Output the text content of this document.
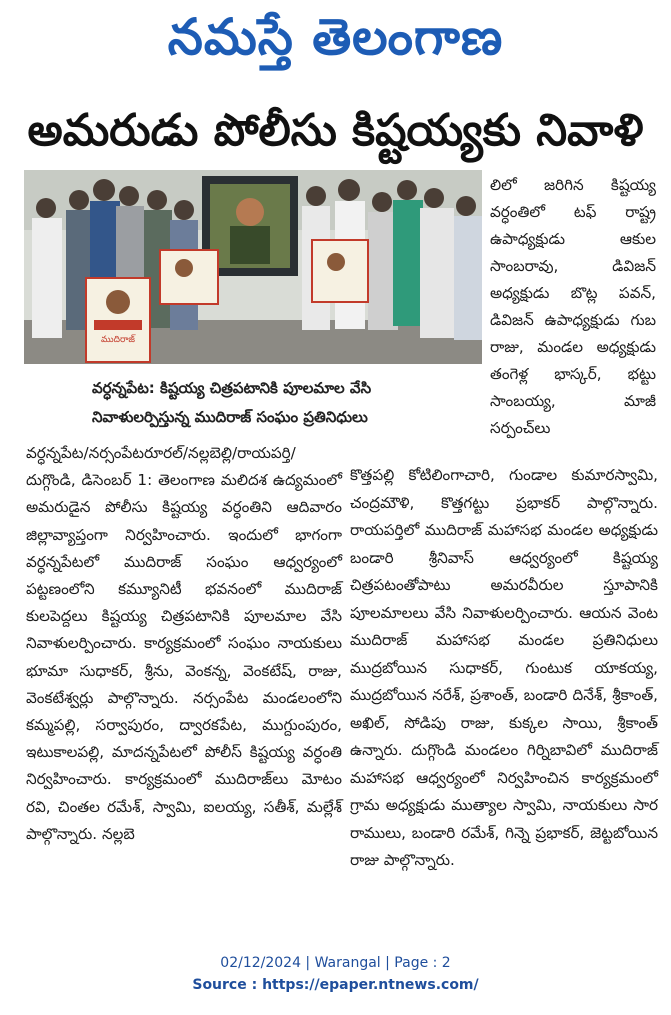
నమస్తే తెలంగాణ
అమరుడు పోలీసు కిష్టయ్యకు నివాళి
ముదిరాజ్

వర్ధన్నపేట: కిష్టయ్య చిత్రపటానికి పూలమాల వేసి

నివాళులర్పిస్తున్న ముదిరాజ్ సంఘం ప్రతినిధులు

లిలో జరిగిన కిష్టయ్య వర్ధంతిలో టఫ్ రాష్ట్ర ఉపాధ్యక్షుడు ఆకుల సాంబరావు, డివిజన్ అధ్యక్షుడు బొట్ల పవన్, డివిజన్ ఉపాధ్యక్షుడు గుబ రాజు, మండల అధ్యక్షుడు తంగెళ్ల భాస్కర్, భట్టు సాంబయ్య, మాజీ సర్పంచ్‌లు
వర్ధన్నపేట/నర్సంపేటరూరల్/నల్లబెల్లి/రాయపర్తి/దుగ్గొండి, డిసెంబర్ 1: తెలంగాణ మలిదశ ఉద్యమంలో అమరుడైన పోలీసు కిష్టయ్య వర్ధంతిని ఆదివారం జిల్లావ్యాప్తంగా నిర్వహించారు. ఇందులో భాగంగా వర్ధన్నపేటలో ముదిరాజ్ సంఘం ఆధ్వర్యంలో పట్టణంలోని కమ్యూనిటీ భవనంలో ముదిరాజ్ కులపెద్దలు కిష్టయ్య చిత్రపటానికి పూలమాల వేసి నివాళులర్పించారు. కార్యక్రమంలో సంఘం నాయకులు భూమా సుధాకర్, శ్రీను, వెంకన్న, వెంకటేష్, రాజు, వెంకటేశ్వర్లు పాల్గొన్నారు. నర్సంపేట మండలంలోని కమ్మపల్లి, సర్వాపురం, ద్వారకపేట, ముగ్దుంపురం, ఇటుకాలపల్లి, మాదన్నపేటలో పోలీస్ కిష్టయ్య వర్ధంతి నిర్వహించారు. కార్యక్రమంలో ముదిరాజ్‌లు మోటం రవి, చింతల రమేశ్, స్వామి, ఐలయ్య, సతీశ్, మల్లేశ్ పాల్గొన్నారు. నల్లబె
కొత్తపల్లి కోటిలింగాచారి, గుండాల కుమారస్వామి, చంద్రమౌళి, కొత్తగట్టు ప్రభాకర్ పాల్గొన్నారు. రాయపర్తిలో ముదిరాజ్ మహాసభ మండల అధ్యక్షుడు బండారి శ్రీనివాస్ ఆధ్వర్యంలో కిష్టయ్య చిత్రపటంతోపాటు అమరవీరుల స్తూపానికి పూలమాలలు వేసి నివాళులర్పించారు. ఆయన వెంట ముదిరాజ్ మహాసభ మండల ప్రతినిధులు ముద్రబోయిన సుధాకర్, గుంటుక యాకయ్య, ముద్రబోయిన నరేశ్, ప్రశాంత్, బండారి దినేశ్, శ్రీకాంత్, అఖిల్, సోడిపు రాజు, కుక్కల సాయి, శ్రీకాంత్ ఉన్నారు. దుగ్గొండి మండలం గిర్నిబావిలో ముదిరాజ్ మహాసభ ఆధ్వర్యంలో నిర్వహించిన కార్యక్రమంలో గ్రామ అధ్యక్షుడు ముత్యాల స్వామి, నాయకులు సార రాములు, బండారి రమేశ్, గిన్నె ప్రభాకర్, జెట్టబోయిన రాజు పాల్గొన్నారు.
02/12/2024 | Warangal | Page : 2
Source : https://epaper.ntnews.com/
